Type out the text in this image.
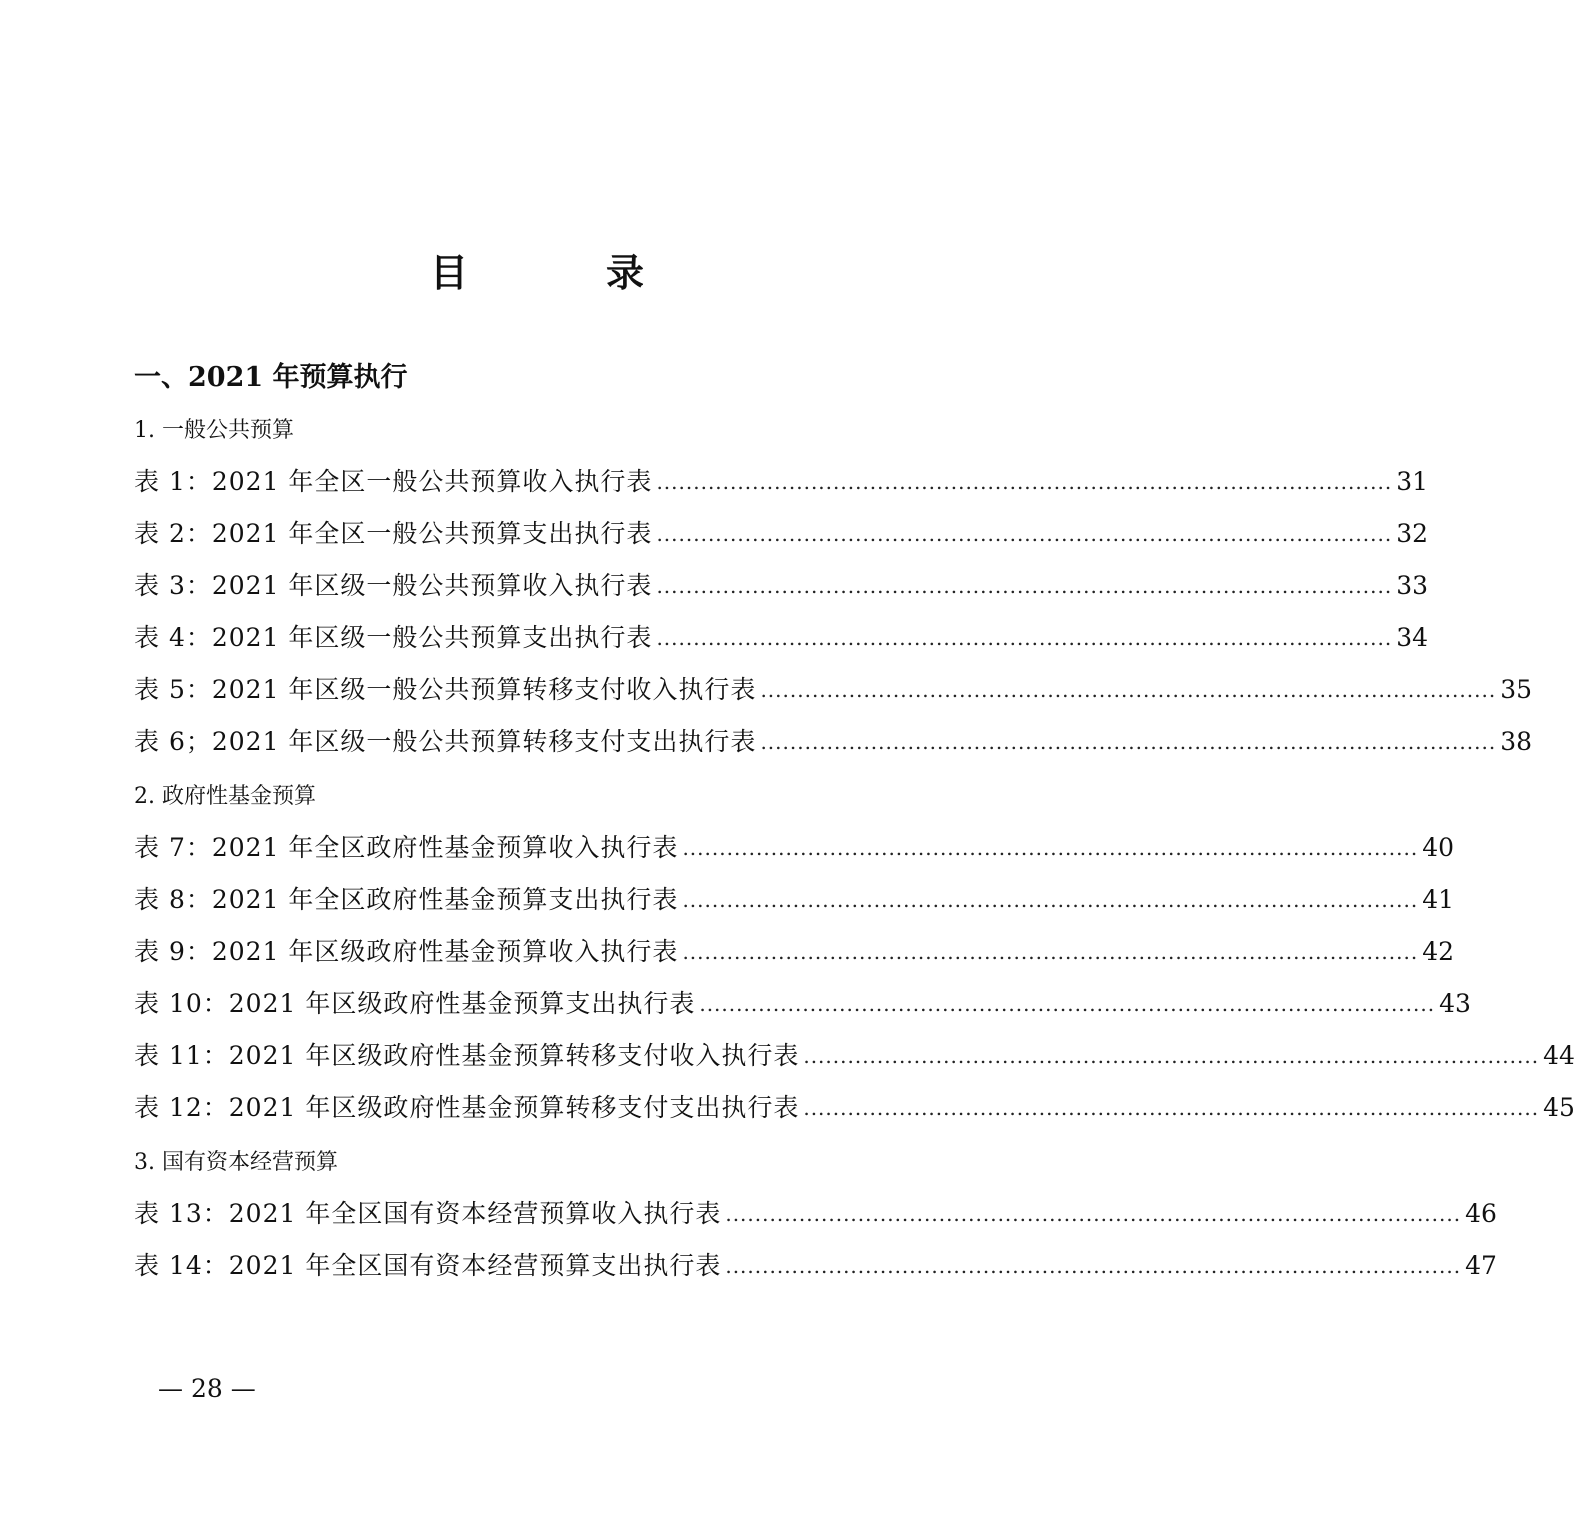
目　录
一、2021 年预算执行
1. 一般公共预算
表 1：2021 年全区一般公共预算收入执行表 .................................................................................................... 31
表 2：2021 年全区一般公共预算支出执行表 .................................................................................................... 32
表 3：2021 年区级一般公共预算收入执行表 .................................................................................................... 33
表 4：2021 年区级一般公共预算支出执行表 .................................................................................................... 34
表 5：2021 年区级一般公共预算转移支付收入执行表 .................................................................................................... 35
表 6；2021 年区级一般公共预算转移支付支出执行表 .................................................................................................... 38
2. 政府性基金预算
表 7：2021 年全区政府性基金预算收入执行表 .................................................................................................... 40
表 8：2021 年全区政府性基金预算支出执行表 .................................................................................................... 41
表 9：2021 年区级政府性基金预算收入执行表 .................................................................................................... 42
表 10：2021 年区级政府性基金预算支出执行表 .................................................................................................... 43
表 11：2021 年区级政府性基金预算转移支付收入执行表 .................................................................................................... 44
表 12：2021 年区级政府性基金预算转移支付支出执行表 .................................................................................................... 45
3. 国有资本经营预算
表 13：2021 年全区国有资本经营预算收入执行表 .................................................................................................... 46
表 14：2021 年全区国有资本经营预算支出执行表 .................................................................................................... 47
— 28 —
